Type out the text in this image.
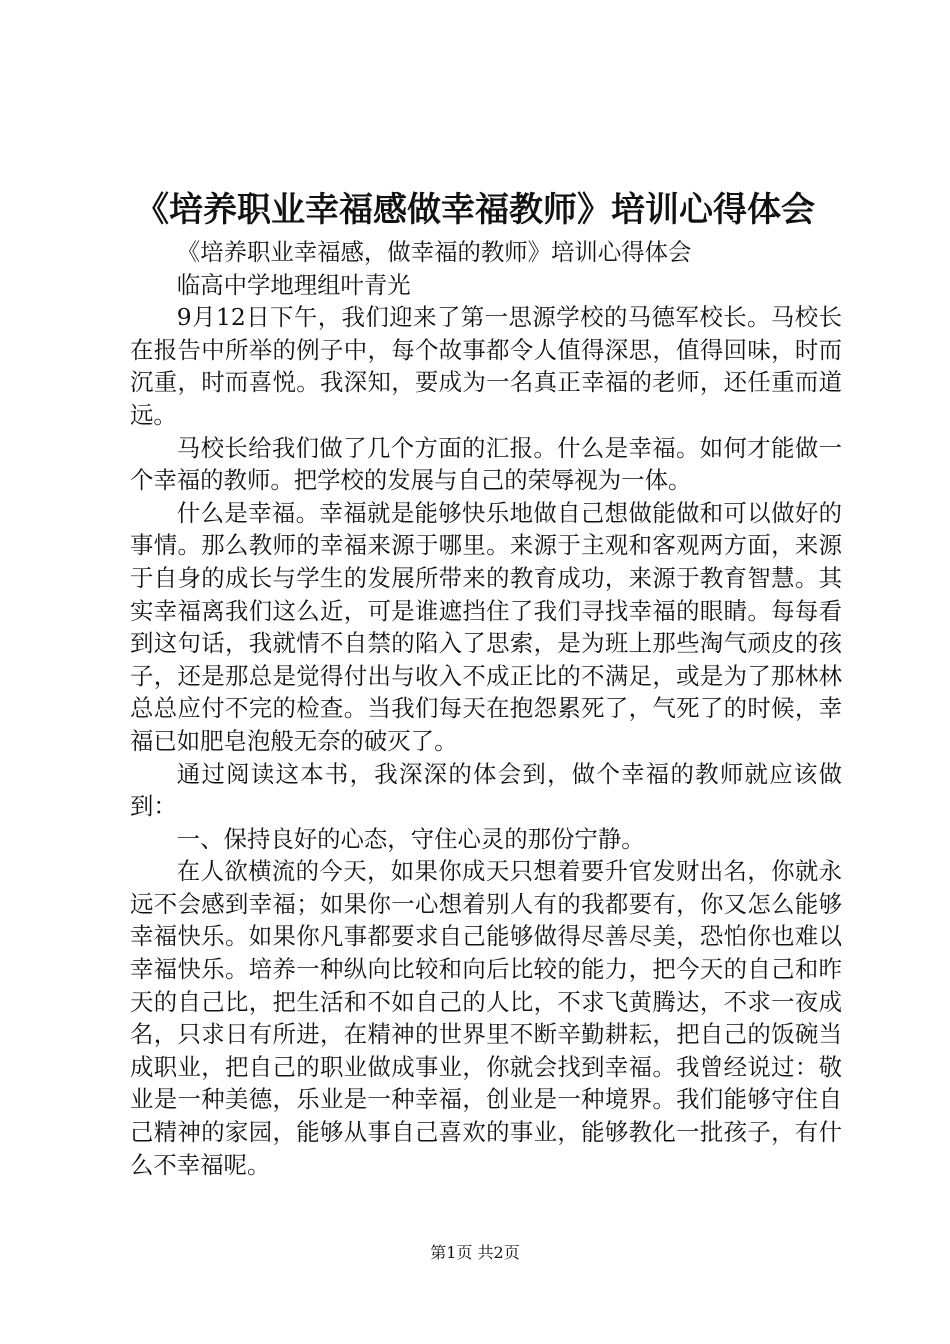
《培养职业幸福感做幸福教师》培训心得体会

《培养职业幸福感，做幸福的教师》培训心得体会

临高中学地理组叶青光

9月12日下午，我们迎来了第一思源学校的马德军校长。马校长在报告中所举的例子中，每个故事都令人值得深思，值得回味，时而沉重，时而喜悦。我深知，要成为一名真正幸福的老师，还任重而道远。

马校长给我们做了几个方面的汇报。什么是幸福。如何才能做一个幸福的教师。把学校的发展与自己的荣辱视为一体。

什么是幸福。幸福就是能够快乐地做自己想做能做和可以做好的事情。那么教师的幸福来源于哪里。来源于主观和客观两方面，来源于自身的成长与学生的发展所带来的教育成功，来源于教育智慧。其实幸福离我们这么近，可是谁遮挡住了我们寻找幸福的眼睛。每每看到这句话，我就情不自禁的陷入了思索，是为班上那些淘气顽皮的孩子，还是那总是觉得付出与收入不成正比的不满足，或是为了那林林总总应付不完的检查。当我们每天在抱怨累死了，气死了的时候，幸福已如肥皂泡般无奈的破灭了。

通过阅读这本书，我深深的体会到，做个幸福的教师就应该做到：

一、保持良好的心态，守住心灵的那份宁静。

在人欲横流的今天，如果你成天只想着要升官发财出名，你就永远不会感到幸福；如果你一心想着别人有的我都要有，你又怎么能够幸福快乐。如果你凡事都要求自己能够做得尽善尽美，恐怕你也难以幸福快乐。培养一种纵向比较和向后比较的能力，把今天的自己和昨天的自己比，把生活和不如自己的人比，不求飞黄腾达，不求一夜成名，只求日有所进，在精神的世界里不断辛勤耕耘，把自己的饭碗当成职业，把自己的职业做成事业，你就会找到幸福。我曾经说过：敬业是一种美德，乐业是一种幸福，创业是一种境界。我们能够守住自己精神的家园，能够从事自己喜欢的事业，能够教化一批孩子，有什么不幸福呢。

第1页 共2页
